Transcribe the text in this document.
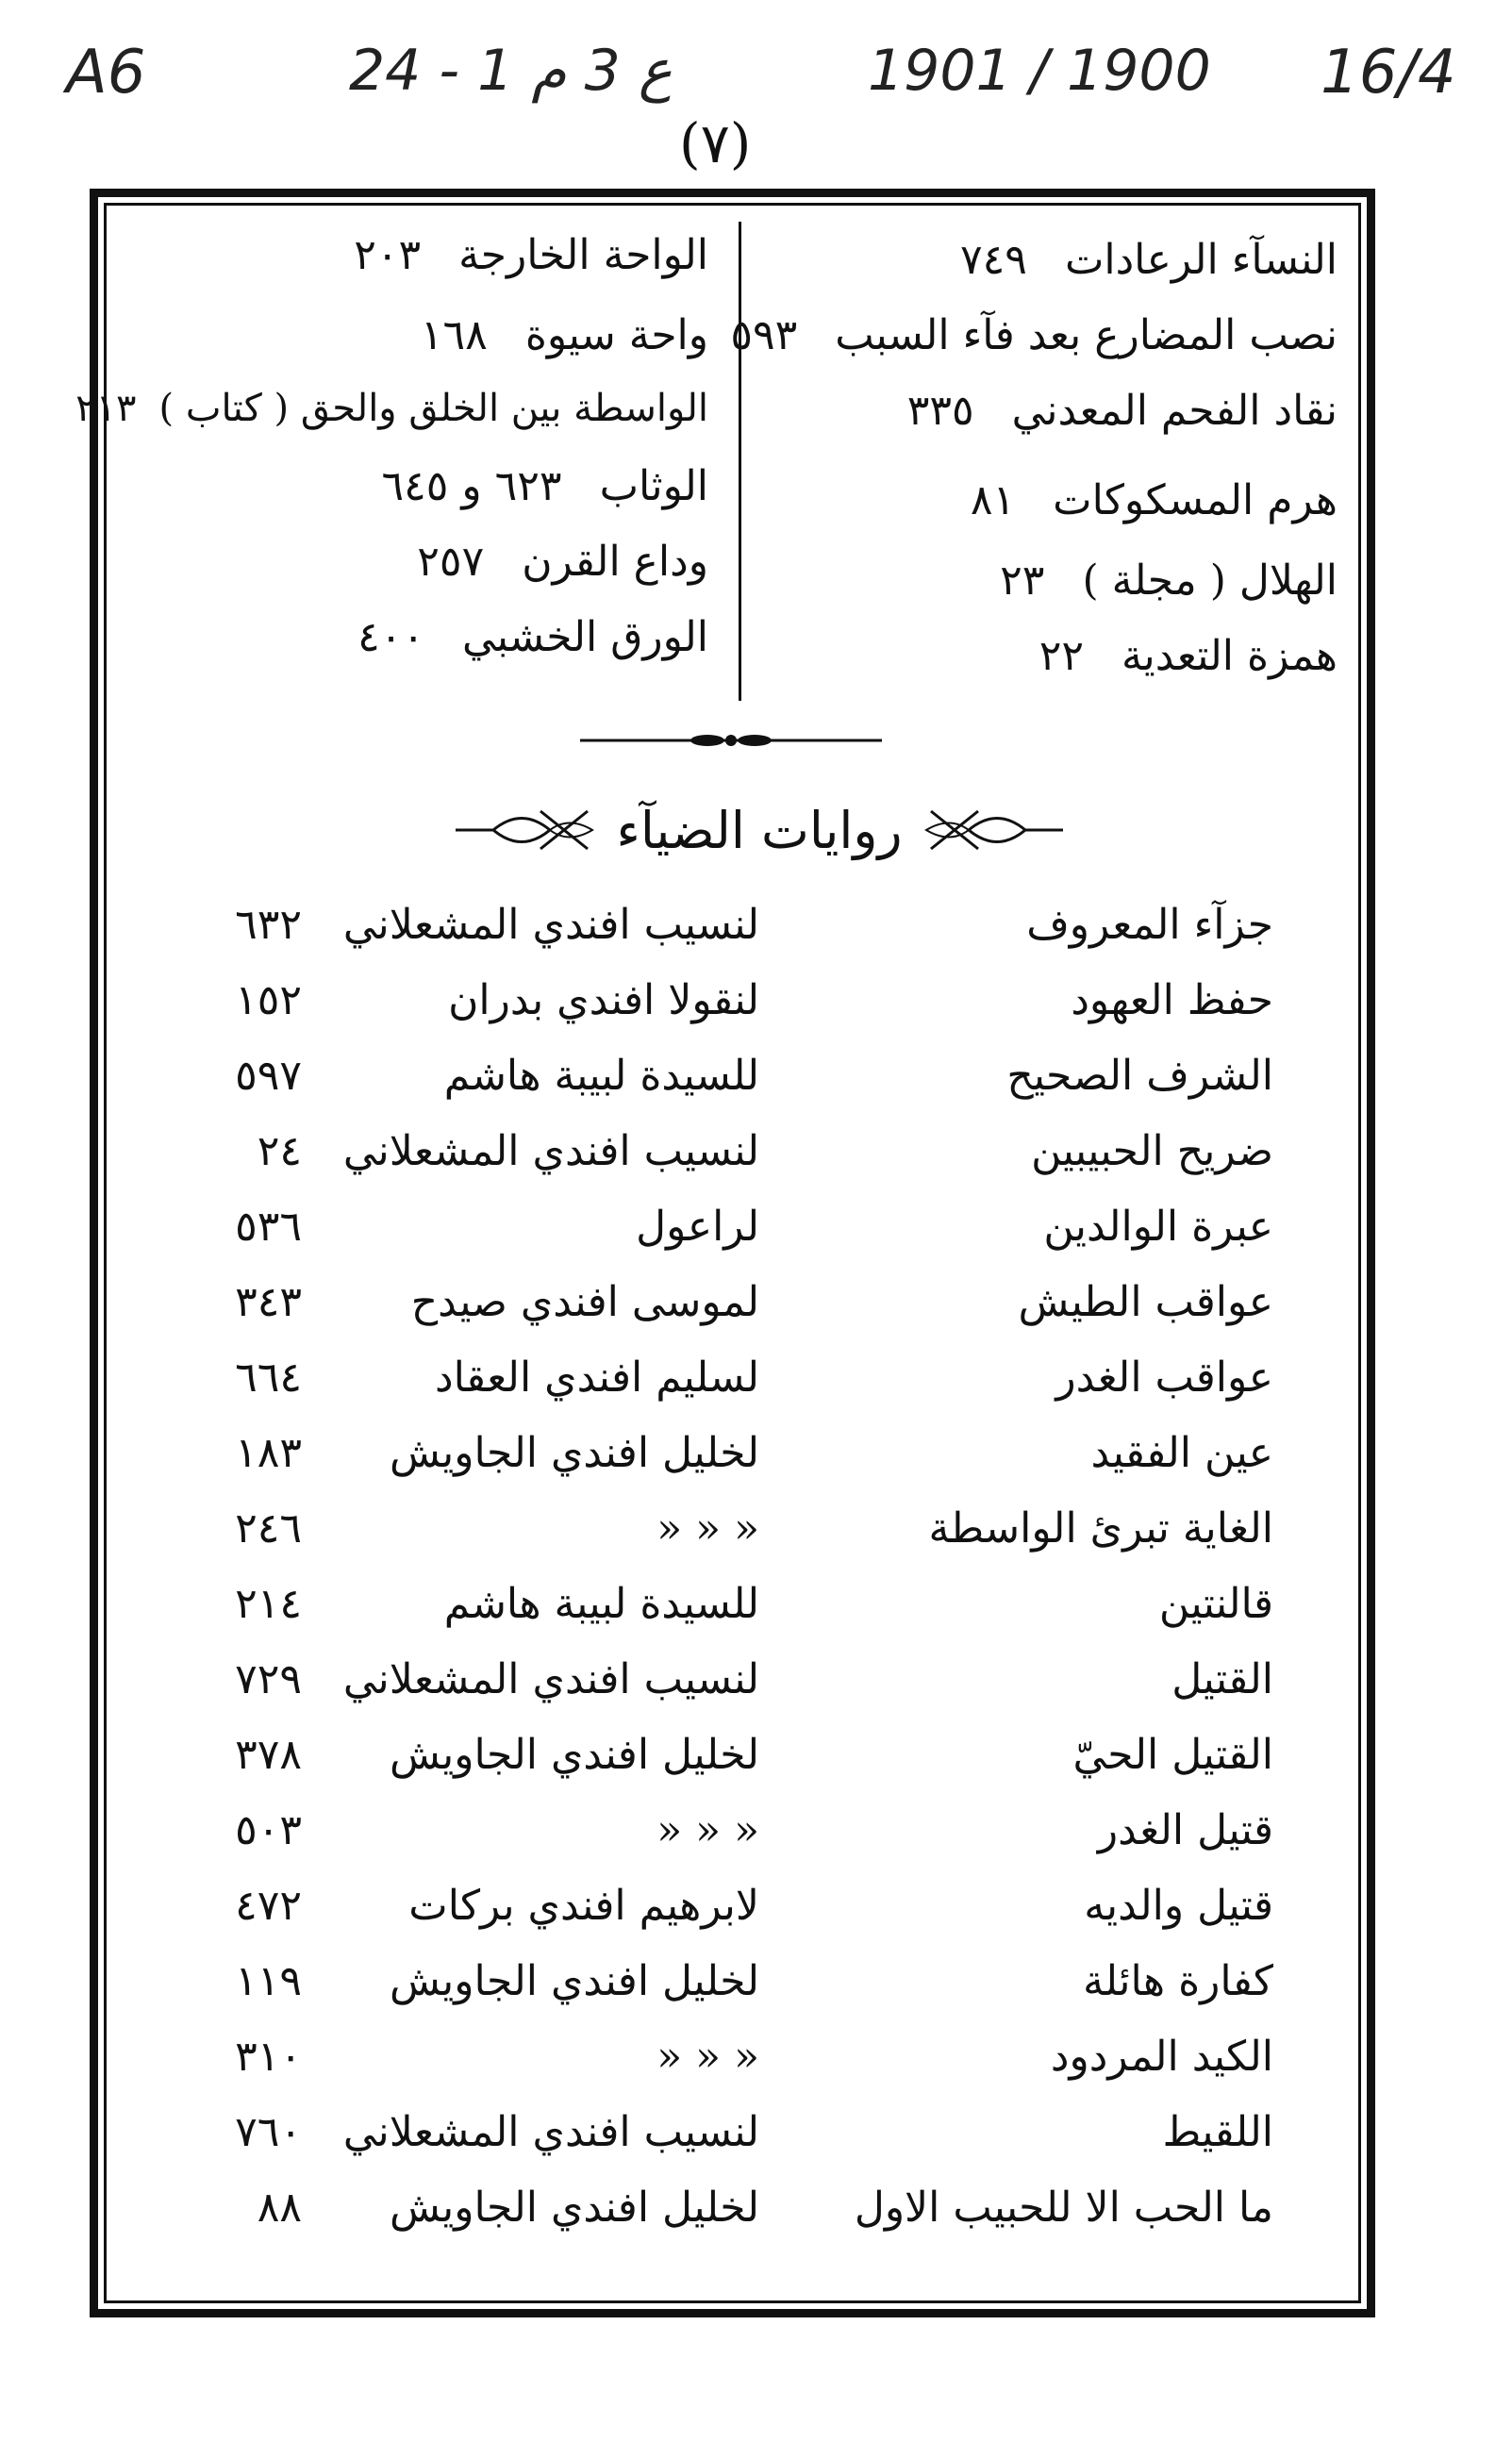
A6	24 - 1 ع 3 م	1901 / 1900 16/4
(٧)
النسآء الرعادات
٧٤٩
نصب المضارع بعد فآء السبب
٥٩٣
نقاد الفحم المعدني
٣٣٥
هرم المسكوكات
٨١
الهلال ( مجلة )
٢٣
همزة التعدية
٢٢
الواحة الخارجة
٢٠٣
واحة سيوة
١٦٨
الواسطة بين الخلق والحق ( كتاب )
٢١٣
الوثاب
٦٢٣ و ٦٤٥
وداع القرن
٢٥٧
الورق الخشبي
٤٠٠
روايات الضيآء
جزآء المعروف
لنسيب افندي المشعلاني
٦٣٢
حفظ العهود
لنقولا افندي بدران
١٥٢
الشرف الصحيح
للسيدة لبيبة هاشم
٥٩٧
ضريح الحبيبين
لنسيب افندي المشعلاني
٢٤
عبرة الوالدين
لراعول
٥٣٦
عواقب الطيش
لموسى افندي صيدح
٣٤٣
عواقب الغدر
لسليم افندي العقاد
٦٦٤
عين الفقيد
لخليل افندي الجاويش
١٨٣
الغاية تبرئ الواسطة
« « «
٢٤٦
قالنتين
للسيدة لبيبة هاشم
٢١٤
القتيل
لنسيب افندي المشعلاني
٧٢٩
القتيل الحيّ
لخليل افندي الجاويش
٣٧٨
قتيل الغدر
« « «
٥٠٣
قتيل والديه
لابرهيم افندي بركات
٤٧٢
كفارة هائلة
لخليل افندي الجاويش
١١٩
الكيد المردود
« « «
٣١٠
اللقيط
لنسيب افندي المشعلاني
٧٦٠
ما الحب الا للحبيب الاول
لخليل افندي الجاويش
٨٨
